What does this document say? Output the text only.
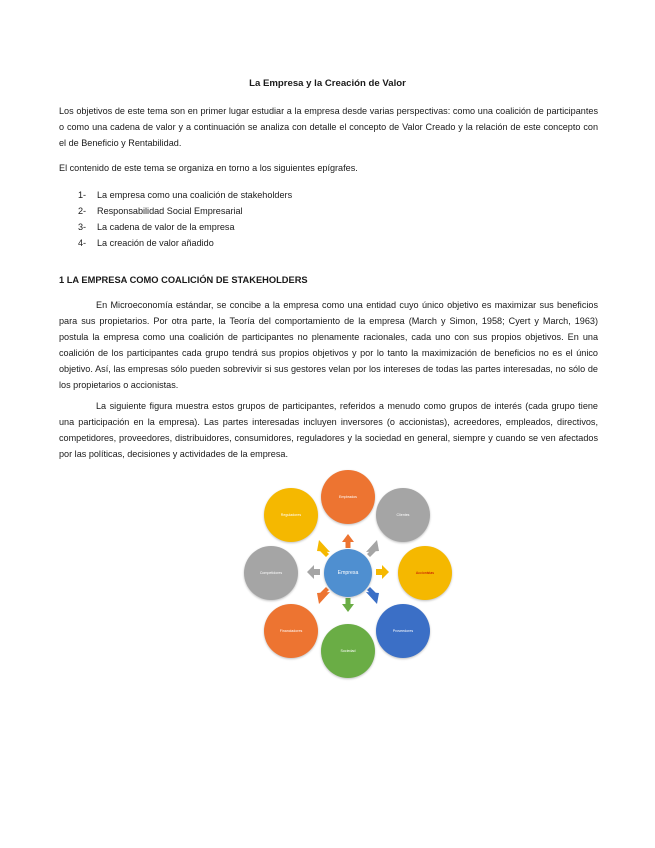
La Empresa y la Creación de Valor

Los objetivos de este tema son en primer lugar estudiar a la empresa desde varias perspectivas: como una coalición de participantes o como una cadena de valor y a continuación se analiza con detalle el concepto de Valor Creado y la relación de este concepto con el de Beneficio y Rentabilidad.

El contenido de este tema se organiza en torno a los siguientes epígrafes.

1-	La empresa como una coalición de stakeholders
2-	Responsabilidad Social Empresarial
3-	La cadena de valor de la empresa
4-	La creación de valor añadido
1 LA EMPRESA COMO COALICIÓN DE STAKEHOLDERS

En Microeconomía estándar, se concibe a la empresa como una entidad cuyo único objetivo es maximizar sus beneficios para sus propietarios. Por otra parte, la Teoría del comportamiento de la empresa (March y Simon, 1958; Cyert y March, 1963) postula la empresa como una coalición de participantes no plenamente racionales, cada uno con sus propios objetivos. En una coalición de los participantes cada grupo tendrá sus propios objetivos y por lo tanto la maximización de beneficios no es el único objetivo. Así, las empresas sólo pueden sobrevivir si sus gestores velan por los intereses de todas las partes interesadas, no sólo de los propietarios o accionistas.

La siguiente figura muestra estos grupos de participantes, referidos a menudo como grupos de interés (cada grupo tiene una participación en la empresa). Las partes interesadas incluyen inversores (o accionistas), acreedores, empleados, directivos, competidores, proveedores, distribuidores, consumidores, reguladores y la sociedad en general, siempre y cuando se ven afectados por las políticas, decisiones y actividades de la empresa.

Empresa
Empleados
Clientes
Accionistas
Proveedores
Sociedad
Financiadores
Competidores
Reguladores
